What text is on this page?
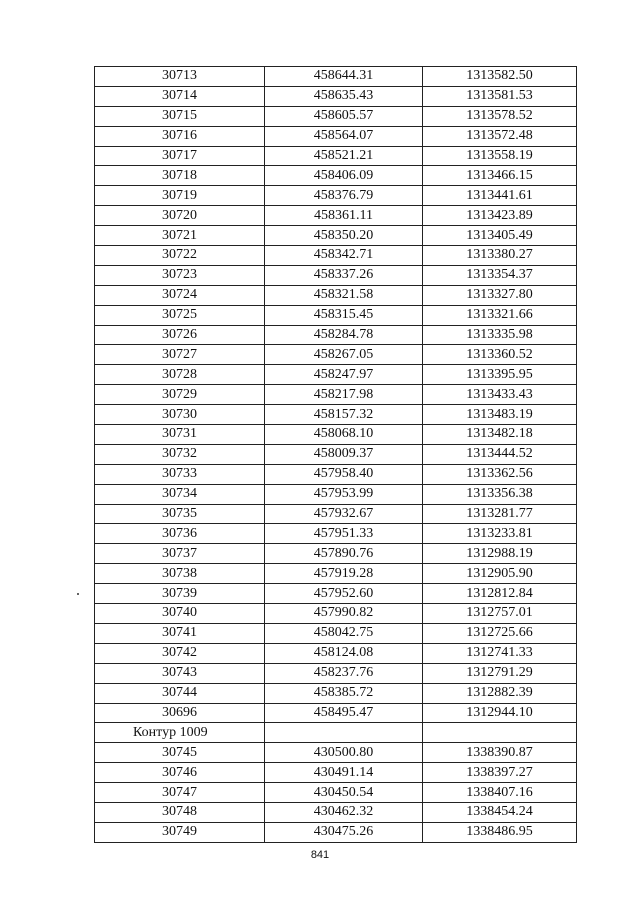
30713	458644.31	1313582.50
30714	458635.43	1313581.53
30715	458605.57	1313578.52
30716	458564.07	1313572.48
30717	458521.21	1313558.19
30718	458406.09	1313466.15
30719	458376.79	1313441.61
30720	458361.11	1313423.89
30721	458350.20	1313405.49
30722	458342.71	1313380.27
30723	458337.26	1313354.37
30724	458321.58	1313327.80
30725	458315.45	1313321.66
30726	458284.78	1313335.98
30727	458267.05	1313360.52
30728	458247.97	1313395.95
30729	458217.98	1313433.43
30730	458157.32	1313483.19
30731	458068.10	1313482.18
30732	458009.37	1313444.52
30733	457958.40	1313362.56
30734	457953.99	1313356.38
30735	457932.67	1313281.77
30736	457951.33	1313233.81
30737	457890.76	1312988.19
30738	457919.28	1312905.90
30739	457952.60	1312812.84
30740	457990.82	1312757.01
30741	458042.75	1312725.66
30742	458124.08	1312741.33
30743	458237.76	1312791.29
30744	458385.72	1312882.39
30696	458495.47	1312944.10
Контур 1009		
30745	430500.80	1338390.87
30746	430491.14	1338397.27
30747	430450.54	1338407.16
30748	430462.32	1338454.24
30749	430475.26	1338486.95
841
